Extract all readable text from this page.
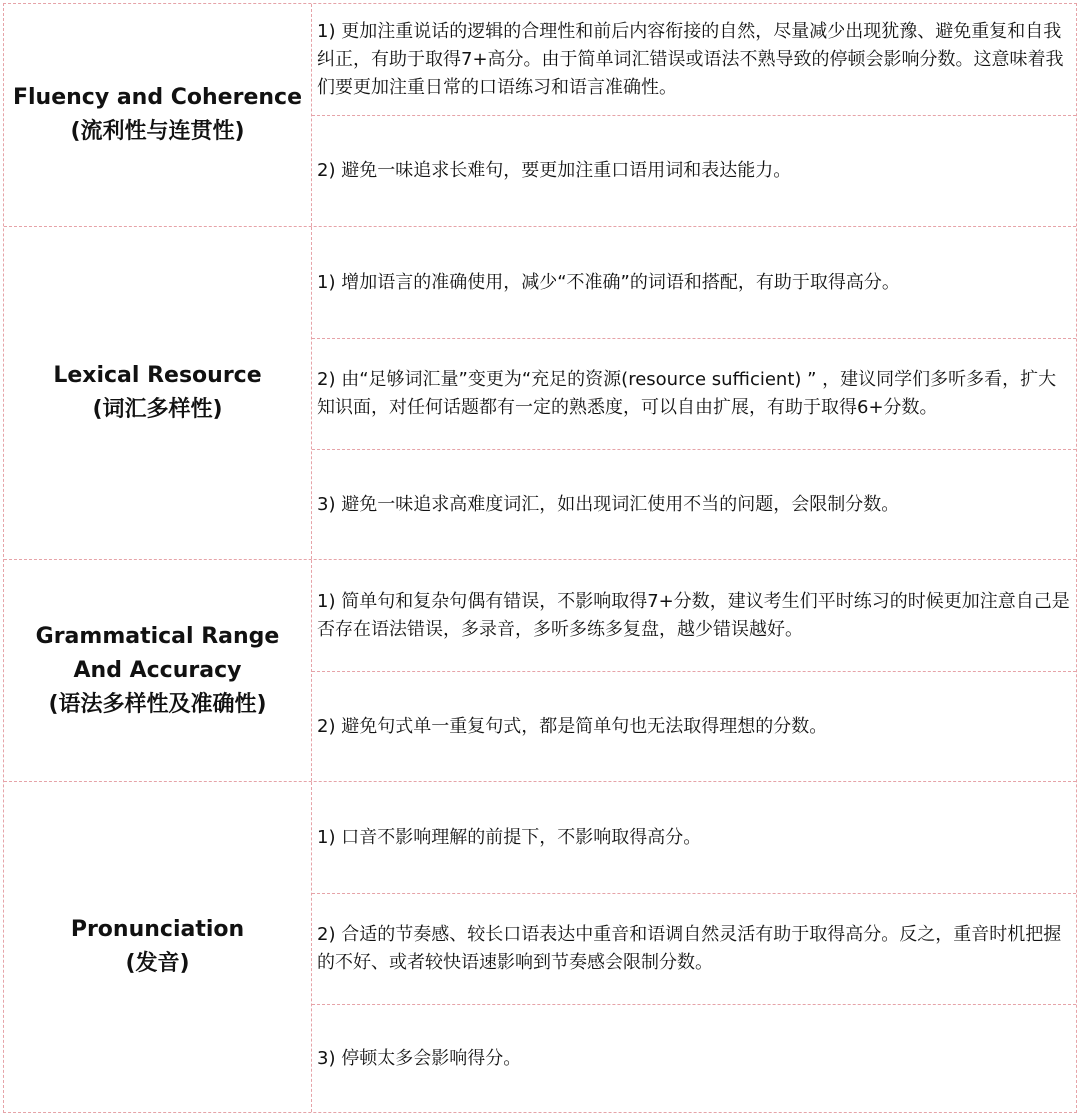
Fluency and Coherence
(流利性与连贯性)

1) 更加注重说话的逻辑的合理性和前后内容衔接的自然，尽量减少出现犹豫、避免重复和自我纠正，有助于取得7+高分。由于简单词汇错误或语法不熟导致的停顿会影响分数。这意味着我们要更加注重日常的口语练习和语言准确性。

2) 避免一味追求长难句，要更加注重口语用词和表达能力。

Lexical Resource
(词汇多样性)

1) 增加语言的准确使用，减少“不准确”的词语和搭配，有助于取得高分。

2) 由“足够词汇量”变更为“充足的资源(resource sufficient) ” ，建议同学们多听多看，扩大知识面，对任何话题都有一定的熟悉度，可以自由扩展，有助于取得6+分数。

3) 避免一味追求高难度词汇，如出现词汇使用不当的问题，会限制分数。

Grammatical Range
And Accuracy
(语法多样性及准确性)

1) 简单句和复杂句偶有错误，不影响取得7+分数，建议考生们平时练习的时候更加注意自己是否存在语法错误，多录音，多听多练多复盘，越少错误越好。

2) 避免句式单一重复句式，都是简单句也无法取得理想的分数。

Pronunciation
(发音)

1) 口音不影响理解的前提下，不影响取得高分。

2) 合适的节奏感、较长口语表达中重音和语调自然灵活有助于取得高分。反之，重音时机把握的不好、或者较快语速影响到节奏感会限制分数。

3) 停顿太多会影响得分。
